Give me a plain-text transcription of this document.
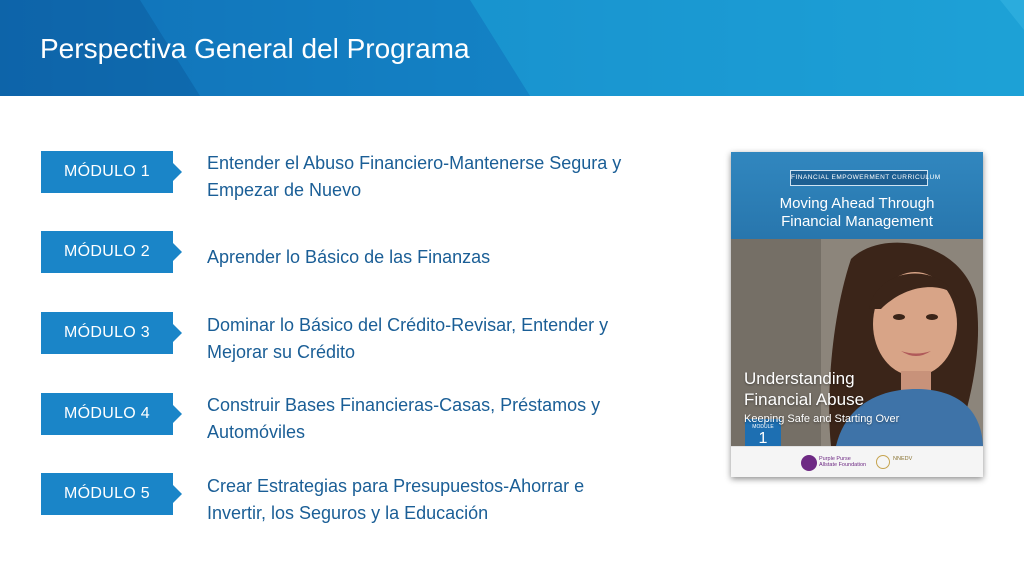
Perspectiva General del Programa
MÓDULO 1	Entender el Abuso Financiero-Mantenerse Segura y
Empezar de Nuevo
MÓDULO 2	Aprender lo Básico de las Finanzas
MÓDULO 3	Dominar lo Básico del Crédito-Revisar, Entender y
Mejorar su Crédito
MÓDULO 4	Construir Bases Financieras-Casas, Préstamos y
Automóviles
MÓDULO 5	Crear Estrategias para Presupuestos-Ahorrar e
Invertir, los Seguros y la Educación
FINANCIAL EMPOWERMENT CURRICULUM
Moving Ahead Through
Financial Management
MODULE
1
Understanding
Financial Abuse
Keeping Safe and Starting Over
Purple Purse
Allstate Foundation
NNEDV
